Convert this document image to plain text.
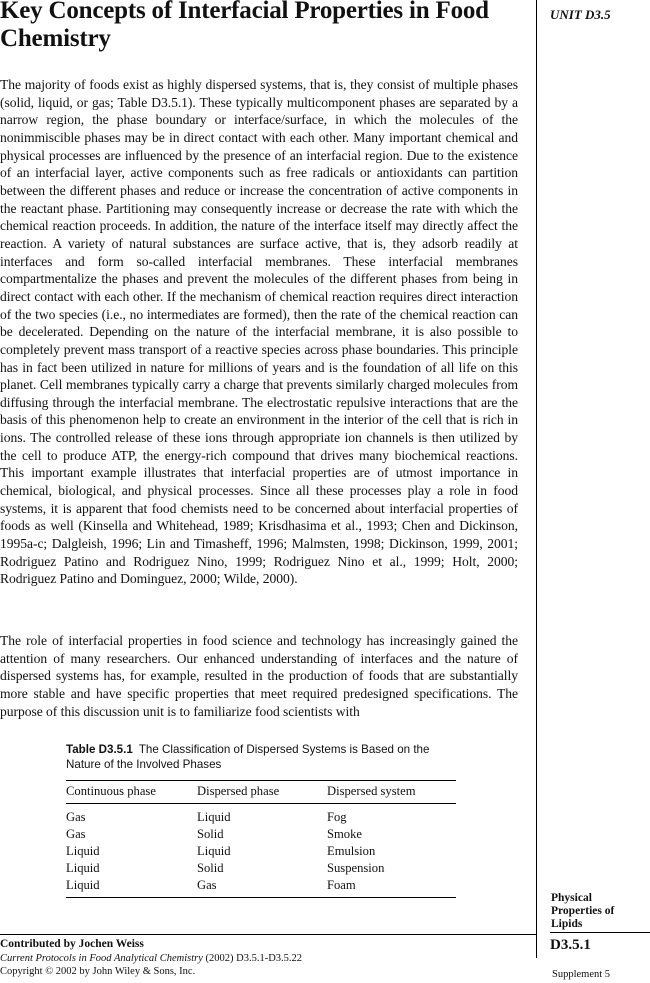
Key Concepts of Interfacial Properties in Food Chemistry
UNIT D3.5

The majority of foods exist as highly dispersed systems, that is, they consist of multiple phases (solid, liquid, or gas; Table D3.5.1). These typically multicomponent phases are separated by a narrow region, the phase boundary or interface/surface, in which the molecules of the nonimmiscible phases may be in direct contact with each other. Many important chemical and physical processes are influenced by the presence of an interfacial region. Due to the existence of an interfacial layer, active components such as free radicals or antioxidants can partition between the different phases and reduce or increase the concentration of active components in the reactant phase. Partitioning may consequently increase or decrease the rate with which the chemical reaction proceeds. In addition, the nature of the interface itself may directly affect the reaction. A variety of natural substances are surface active, that is, they adsorb readily at interfaces and form so-called interfacial membranes. These interfacial membranes compartmentalize the phases and prevent the molecules of the different phases from being in direct contact with each other. If the mechanism of chemical reaction requires direct interaction of the two species (i.e., no intermediates are formed), then the rate of the chemical reaction can be decelerated. Depending on the nature of the interfacial membrane, it is also possible to completely prevent mass transport of a reactive species across phase boundaries. This principle has in fact been utilized in nature for millions of years and is the foundation of all life on this planet. Cell membranes typically carry a charge that prevents similarly charged molecules from diffusing through the interfacial membrane. The electrostatic repulsive interactions that are the basis of this phenomenon help to create an environment in the interior of the cell that is rich in ions. The controlled release of these ions through appropriate ion channels is then utilized by the cell to produce ATP, the energy-rich compound that drives many biochemical reactions. This important example illustrates that interfacial properties are of utmost importance in chemical, biological, and physical processes. Since all these processes play a role in food systems, it is apparent that food chemists need to be concerned about interfacial properties of foods as well (Kinsella and Whitehead, 1989; Krisdhasima et al., 1993; Chen and Dickinson, 1995a-c; Dalgleish, 1996; Lin and Timasheff, 1996; Malmsten, 1998; Dickinson, 1999, 2001; Rodriguez Patino and Rodriguez Nino, 1999; Rodriguez Nino et al., 1999; Holt, 2000; Rodriguez Patino and Dominguez, 2000; Wilde, 2000).

The role of interfacial properties in food science and technology has increasingly gained the attention of many researchers. Our enhanced understanding of interfaces and the nature of dispersed systems has, for example, resulted in the production of foods that are substantially more stable and have specific properties that meet required predesigned specifications. The purpose of this discussion unit is to familiarize food scientists with

Table D3.5.1 The Classification of Dispersed Systems is Based on the Nature of the Involved Phases
Continuous phase	Dispersed phase	Dispersed system
Gas	Liquid	Fog
Gas	Solid	Smoke
Liquid	Liquid	Emulsion
Liquid	Solid	Suspension
Liquid	Gas	Foam
Physical Properties of Lipids
D3.5.1
Supplement 5
Contributed by Jochen Weiss
Current Protocols in Food Analytical Chemistry (2002) D3.5.1-D3.5.22
Copyright © 2002 by John Wiley & Sons, Inc.
